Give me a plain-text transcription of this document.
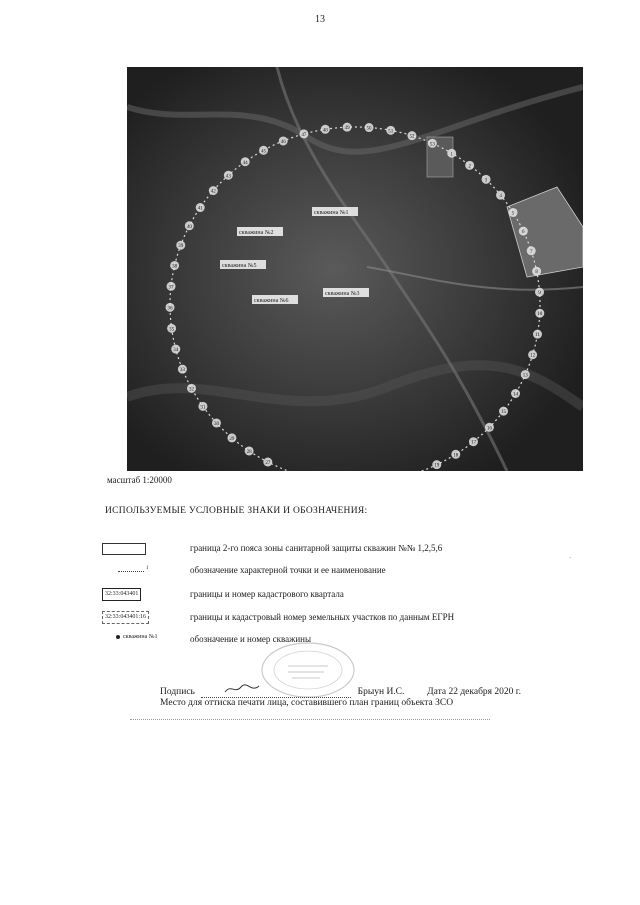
13
1
2
3
4
5
6
7
8
9
10
11
12
13
14
15
16
17
18
19
27
28
29
30
31
32
33
34
35
36
37
38
39
40
41
42
43
44
45
46
47
48	49	50
51
52
53
скважина №1
скважина №2
скважина №5
скважина №6
скважина №3
масштаб 1:20000
ИСПОЛЬЗУЕМЫЕ УСЛОВНЫЕ ЗНАКИ И ОБОЗНАЧЕНИЯ:
граница 2-го пояса зоны санитарной защиты скважин №№ 1,2,5,6
1	обозначение характерной точки и ее наименование
32:33:043401	границы и номер кадастрового квартала
32:33:043401:16	границы и кадастровый номер земельных участков по данным ЕГРН
скважина №1	обозначение и номер скважины
·
Подпись	Брыун И.С. Дата 22 декабря 2020 г.
Место для оттиска печати лица, составившего план границ объекта ЗСО
